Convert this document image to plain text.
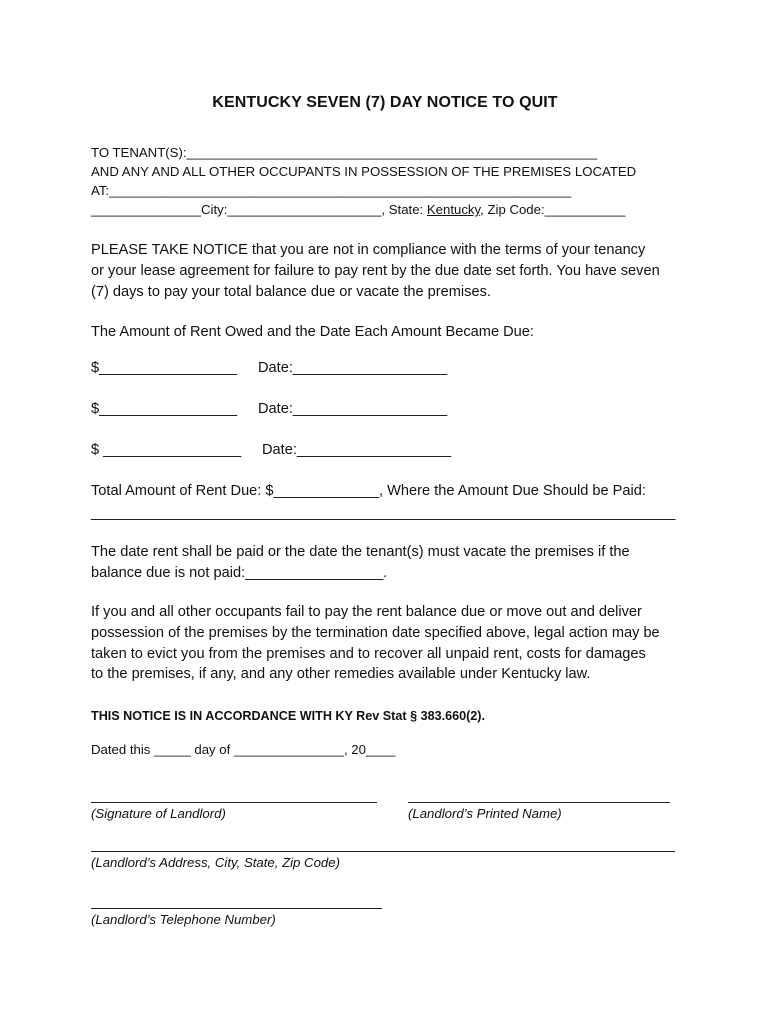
KENTUCKY SEVEN (7) DAY NOTICE TO QUIT
TO TENANT(S):________________________________________________________
AND ANY AND ALL OTHER OCCUPANTS IN POSSESSION OF THE PREMISES LOCATED
AT:_______________________________________________________________
_______________City:_____________________, State: Kentucky, Zip Code:___________
PLEASE TAKE NOTICE that you are not in compliance with the terms of your tenancy
or your lease agreement for failure to pay rent by the due date set forth. You have seven
(7) days to pay your total balance due or vacate the premises.
The Amount of Rent Owed and the Date Each Amount Became Due:
$_________________ Date:___________________
$_________________ Date:___________________
$ _________________ Date:___________________
Total Amount of Rent Due: $_____________, Where the Amount Due Should be Paid:
________________________________________________________________________
The date rent shall be paid or the date the tenant(s) must vacate the premises if the
balance due is not paid:_________________.
If you and all other occupants fail to pay the rent balance due or move out and deliver
possession of the premises by the termination date specified above, legal action may be
taken to evict you from the premises and to recover all unpaid rent, costs for damages
to the premises, if any, and any other remedies available under Kentucky law.
THIS NOTICE IS IN ACCORDANCE WITH KY Rev Stat § 383.660(2).
Dated this _____ day of _______________, 20____
(Signature of Landlord)	(Landlord’s Printed Name)
(Landlord’s Address, City, State, Zip Code)
(Landlord’s Telephone Number)
